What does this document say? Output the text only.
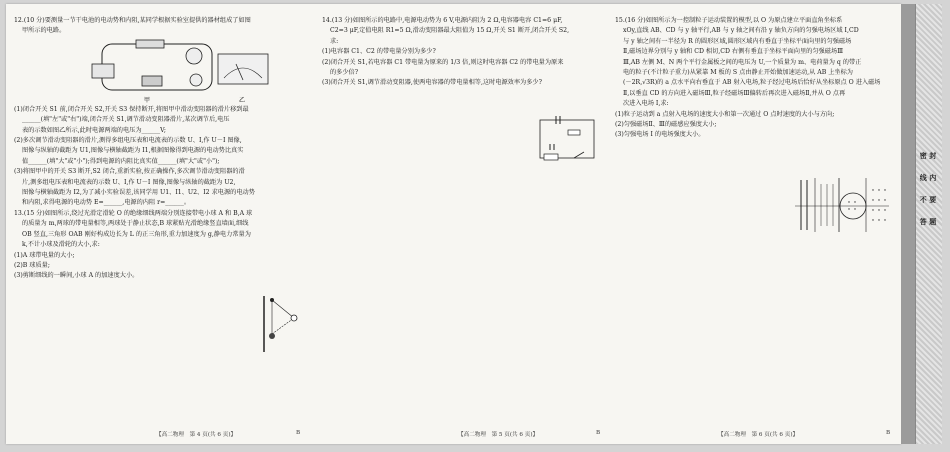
12.(10 分)要测量一节干电池的电动势和内阻,某同学根据实验室提供的器材组成了如图

甲所示的电路。

(1)闭合开关 S1 前,闭合开关 S2,开关 S3 保持断开,将图甲中滑动变阻器的滑片移到最

______(填"左"或"右")端,闭合开关 S1,调节滑动变阻器滑片,某次调节后,电压

表的示数如图乙所示,此时电源两端的电压为______V;

(2)多次调节滑动变阻器的滑片,测得多组电压表和电流表的示数 U、I,作 U－I 图像,

图像与纵轴的截距为 U1,图像与横轴截距为 I1,根据图像得到电源的电动势比真实

值______(填"大"或"小");得到电源的内阻比真实值______(填"大"或"小");

(3)将图甲中的开关 S3 断开,S2 闭合,重新实验,按正确操作,多次调节滑动变阻器的滑

片,测多组电压表和电流表的示数 U、I,作 U－I 图像,图像与纵轴的截距为 U2,

图像与横轴截距为 I2,为了减小实验误差,该同学用 U1、I1、U2、I2 求电源的电动势

和内阻,求得电源的电动势 E=______,电源的内阻 r=______。

13.(15 分)如图所示,绕过光滑定滑轮 O 的绝缘细线两端分别连接带电小球 A 和 B,A 球

的质量为 m,两球的带电量相等,两球处于静止状态,B 球紧贴光滑绝缘竖直墙面,细线

OB 竖直,三角形 OAB 刚好构成边长为 L 的正三角形,重力加速度为 g,静电力常量为

k,不计小球及滑轮的大小,求:

(1)A 球带电量的大小;

(2)B 球质量;

(3)剪断细线的一瞬间,小球 A 的加速度大小。

甲	乙

14.(13 分)如图所示的电路中,电源电动势为 6 V,电源内阻为 2 Ω,电容器电容 C1=6 μF,

C2=3 μF,定值电阻 R1=5 Ω,滑动变阻器最大阻值为 15 Ω,开关 S1 断开,闭合开关 S2,

求:

(1)电容器 C1、C2 的带电量分别为多少?

(2)闭合开关 S1,若电容器 C1 带电量为原来的 1/3 倍,则这时电容器 C2 的带电量为原来

的多少倍?

(3)闭合开关 S1,调节滑动变阻器,使两电容器的带电量相等,这时电源效率为多少?

15.(16 分)如图所示为一控制粒子运动装置的模型,以 O 为原点建立平面直角坐标系

xOy,直线 AB、CD 与 y 轴平行,AB 与 y 轴之间有沿 y 轴负方向的匀强电场区域 I,CD

与 y 轴之间有一半径为 R 的圆形区域,圆形区域内有垂直于坐标平面向里的匀强磁场

Ⅱ,磁场边界分别与 y 轴和 CD 相切,CD 右侧有垂直于坐标平面向里的匀强磁场Ⅲ

Ⅲ,AB 左侧 M、N 两个平行金属板之间的电压为 U,一个质量为 m、电荷量为 q 的带正

电的粒子(不计粒子重力)从紧靠 M 板的 S 点由静止开始做加速运动,从 AB 上坐标为

(－2R,√3R)的 a 点水平向右垂直于 AB 射入电场,粒子经过电场后恰好从坐标原点 O 进入磁场

Ⅱ,以垂直 CD 的方向进入磁场Ⅲ,粒子经磁场Ⅲ偏转后再次进入磁场Ⅱ,并从 O 点再

次进入电场 I,求:

(1)粒子运动到 a 点射入电场的速度大小和第一次通过 O 点时速度的大小与方向;

(2)匀强磁场Ⅱ、Ⅲ的磁感应强度大小;

(3)匀强电场 I 的电场强度大小。

【高二物理　第 4 页(共 6 页)】	B	【高二物理　第 5 页(共 6 页)】	B	【高二物理　第 6 页(共 6 页)】	B
密 封 线 内 不 要 答 题
